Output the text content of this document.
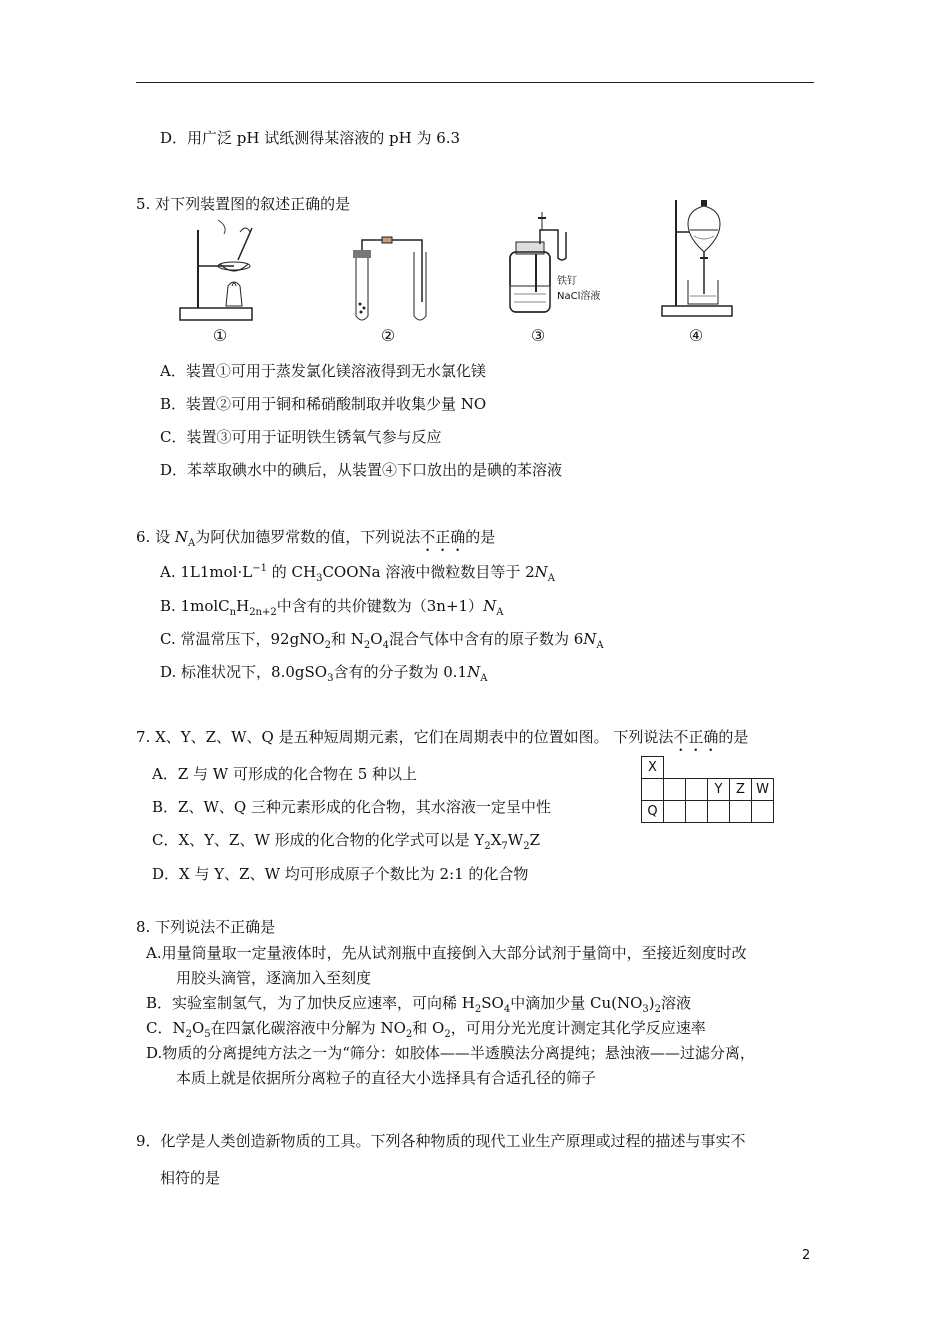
D．用广泛 pH 试纸测得某溶液的 pH 为 6.3
5. 对下列装置图的叙述正确的是
①	②
铁钉
NaCl溶液
③	④
A．装置①可用于蒸发氯化镁溶液得到无水氯化镁
B．装置②可用于铜和稀硝酸制取并收集少量 NO
C．装置③可用于证明铁生锈氧气参与反应
D．苯萃取碘水中的碘后，从装置④下口放出的是碘的苯溶液
6. 设 $N_A$为阿伏加德罗常数的值，下列说法不正确的是
A. $1L1mol\cdot L^{-1}$ 的 $CH_3COONa$ 溶液中微粒数目等于 $2N_A$
B. $1molC_nH_{2n+2}$中含有的共价键数为$(3n+1)N_A$
C. 常温常压下，92gNO$_2$和 $N_2O_4$混合气体中含有的原子数为 $6N_A$
D. 标准状况下，8.0gSO$_3$含有的分子数为 $0.1N_A$
7. X、Y、Z、W、Q 是五种短周期元素，它们在周期表中的位置如图。 下列说法不正确的是
A．Z 与 W 可形成的化合物在 5 种以上
B．Z、W、Q 三种元素形成的化合物，其水溶液一定呈中性
C．X、Y、Z、W 形成的化合物的化学式可以是 $Y_2X_7W_2Z$
D．X 与 Y、Z、W 均可形成原子个数比为 2:1 的化合物
X					
			Y	Z	W
Q					
8. 下列说法不正确是
A.用量筒量取一定量液体时，先从试剂瓶中直接倒入大部分试剂于量筒中，至接近刻度时改
用胶头滴管，逐滴加入至刻度
B．实验室制氢气，为了加快反应速率，可向稀 $H_2SO_4$中滴加少量 $Cu(NO_3)_2$溶液
C．$N_2O_5$在四氯化碳溶液中分解为 $NO_2$和 $O_2$，可用分光光度计测定其化学反应速率
D.物质的分离提纯方法之一为“筛分：如胶体——半透膜法分离提纯；悬浊液——过滤分离，
本质上就是依据所分离粒子的直径大小选择具有合适孔径的筛子
9．化学是人类创造新物质的工具。下列各种物质的现代工业生产原理或过程的描述与事实不
相符的是
2
